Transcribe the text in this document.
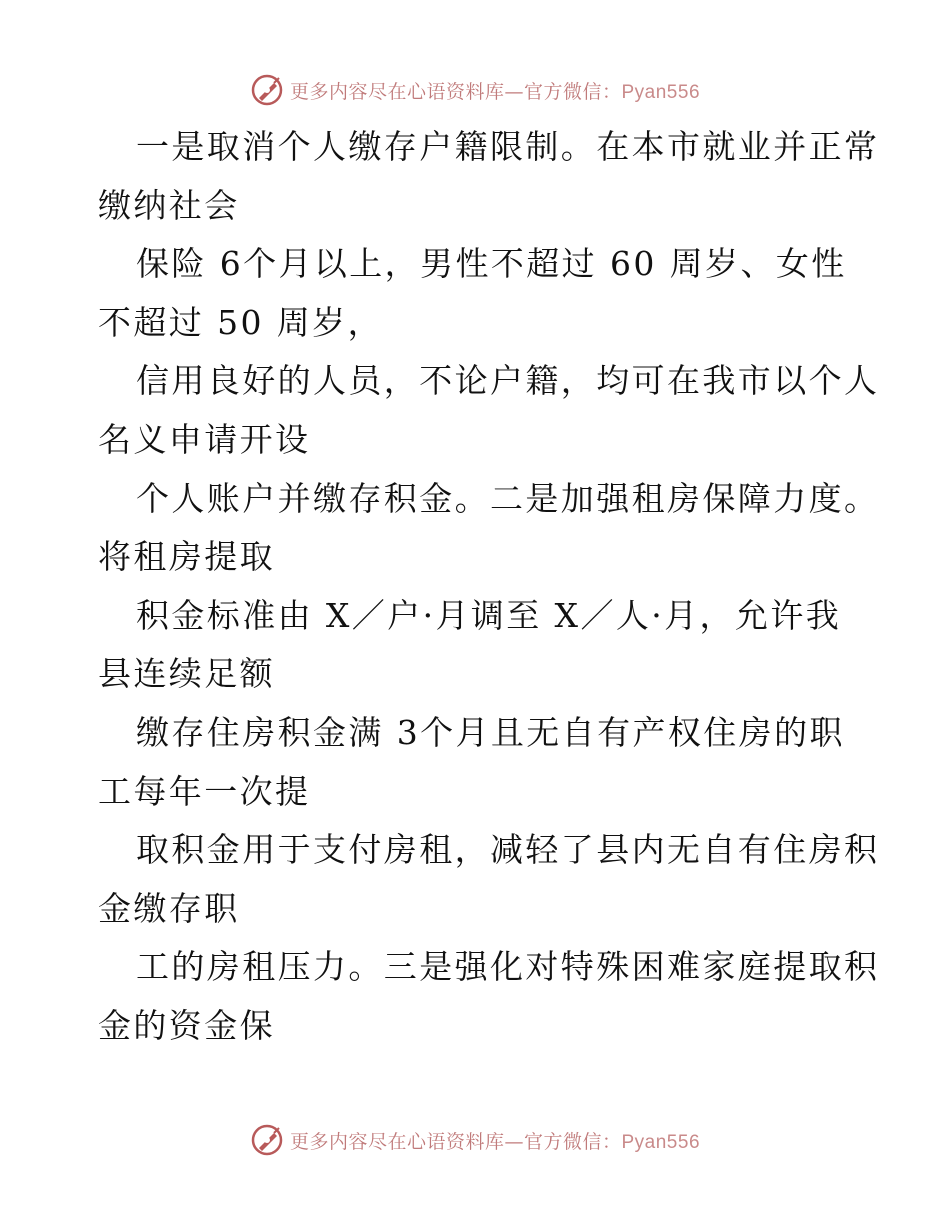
更多内容尽在心语资料库—官方微信：Pyan556

一是取消个人缴存户籍限制。在本市就业并正常
缴纳社会

保险 6个月以上，男性不超过 60 周岁、女性
不超过 50 周岁，

信用良好的人员，不论户籍，均可在我市以个人
名义申请开设

个人账户并缴存积金。二是加强租房保障力度。
将租房提取

积金标准由 X／户·月调至 X／人·月，允许我
县连续足额

缴存住房积金满 3个月且无自有产权住房的职
工每年一次提

取积金用于支付房租，减轻了县内无自有住房积
金缴存职

工的房租压力。三是强化对特殊困难家庭提取积
金的资金保

更多内容尽在心语资料库—官方微信：Pyan556
